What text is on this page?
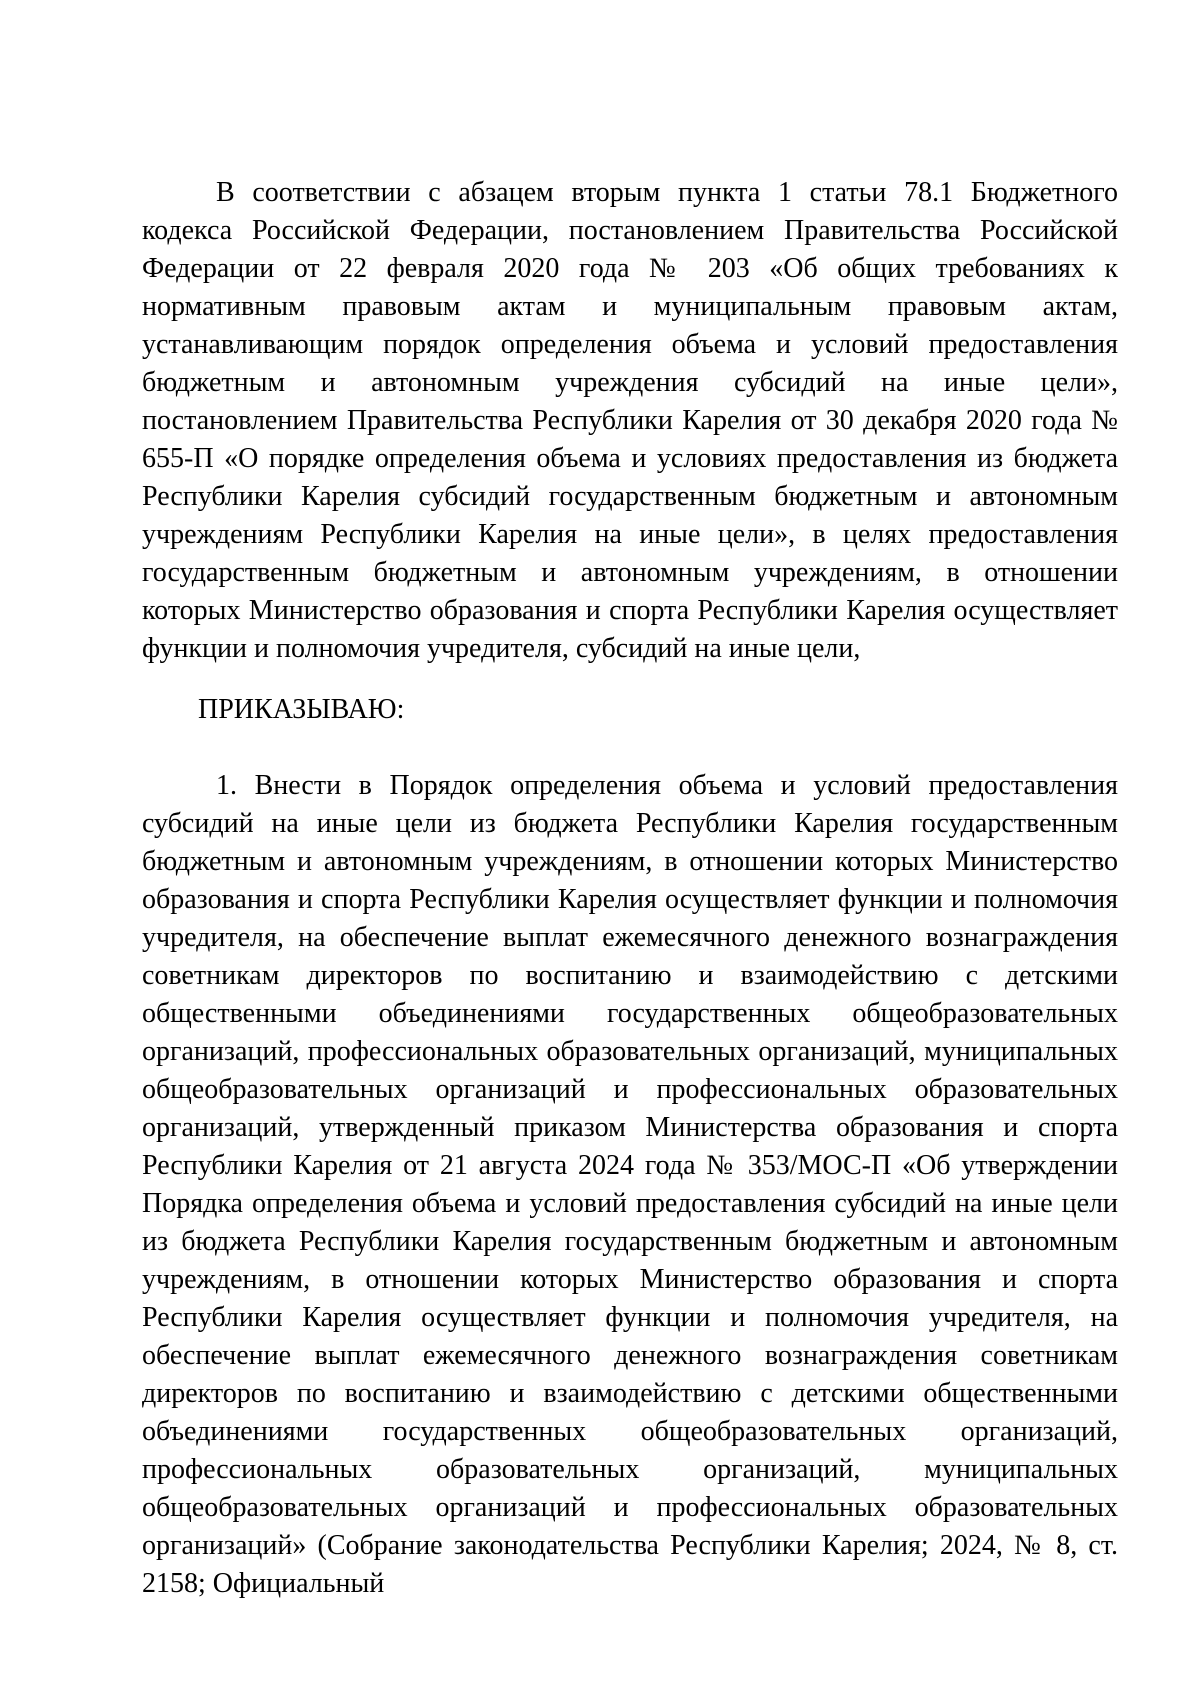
В соответствии с абзацем вторым пункта 1 статьи 78.1 Бюджетного кодекса Российской Федерации, постановлением Правительства Российской Федерации от 22 февраля 2020 года № 203 «Об общих требованиях к нормативным правовым актам и муниципальным правовым актам, устанавливающим порядок определения объема и условий предоставления бюджетным и автономным учреждения субсидий на иные цели», постановлением Правительства Республики Карелия от 30 декабря 2020 года № 655-П «О порядке определения объема и условиях предоставления из бюджета Республики Карелия субсидий государственным бюджетным и автономным учреждениям Республики Карелия на иные цели», в целях предоставления государственным бюджетным и автономным учреждениям, в отношении которых Министерство образования и спорта Республики Карелия осуществляет функции и полномочия учредителя, субсидий на иные цели,

ПРИКАЗЫВАЮ:

1. Внести в Порядок определения объема и условий предоставления субсидий на иные цели из бюджета Республики Карелия государственным бюджетным и автономным учреждениям, в отношении которых Министерство образования и спорта Республики Карелия осуществляет функции и полномочия учредителя, на обеспечение выплат ежемесячного денежного вознаграждения советникам директоров по воспитанию и взаимодействию с детскими общественными объединениями государственных общеобразовательных организаций, профессиональных образовательных организаций, муниципальных общеобразовательных организаций и профессиональных образовательных организаций, утвержденный приказом Министерства образования и спорта Республики Карелия от 21 августа 2024 года № 353/МОС-П «Об утверждении Порядка определения объема и условий предоставления субсидий на иные цели из бюджета Республики Карелия государственным бюджетным и автономным учреждениям, в отношении которых Министерство образования и спорта Республики Карелия осуществляет функции и полномочия учредителя, на обеспечение выплат ежемесячного денежного вознаграждения советникам директоров по воспитанию и взаимодействию с детскими общественными объединениями государственных общеобразовательных организаций, профессиональных образовательных организаций, муниципальных общеобразовательных организаций и профессиональных образовательных организаций» (Собрание законодательства Республики Карелия; 2024, № 8, ст. 2158; Официальный
